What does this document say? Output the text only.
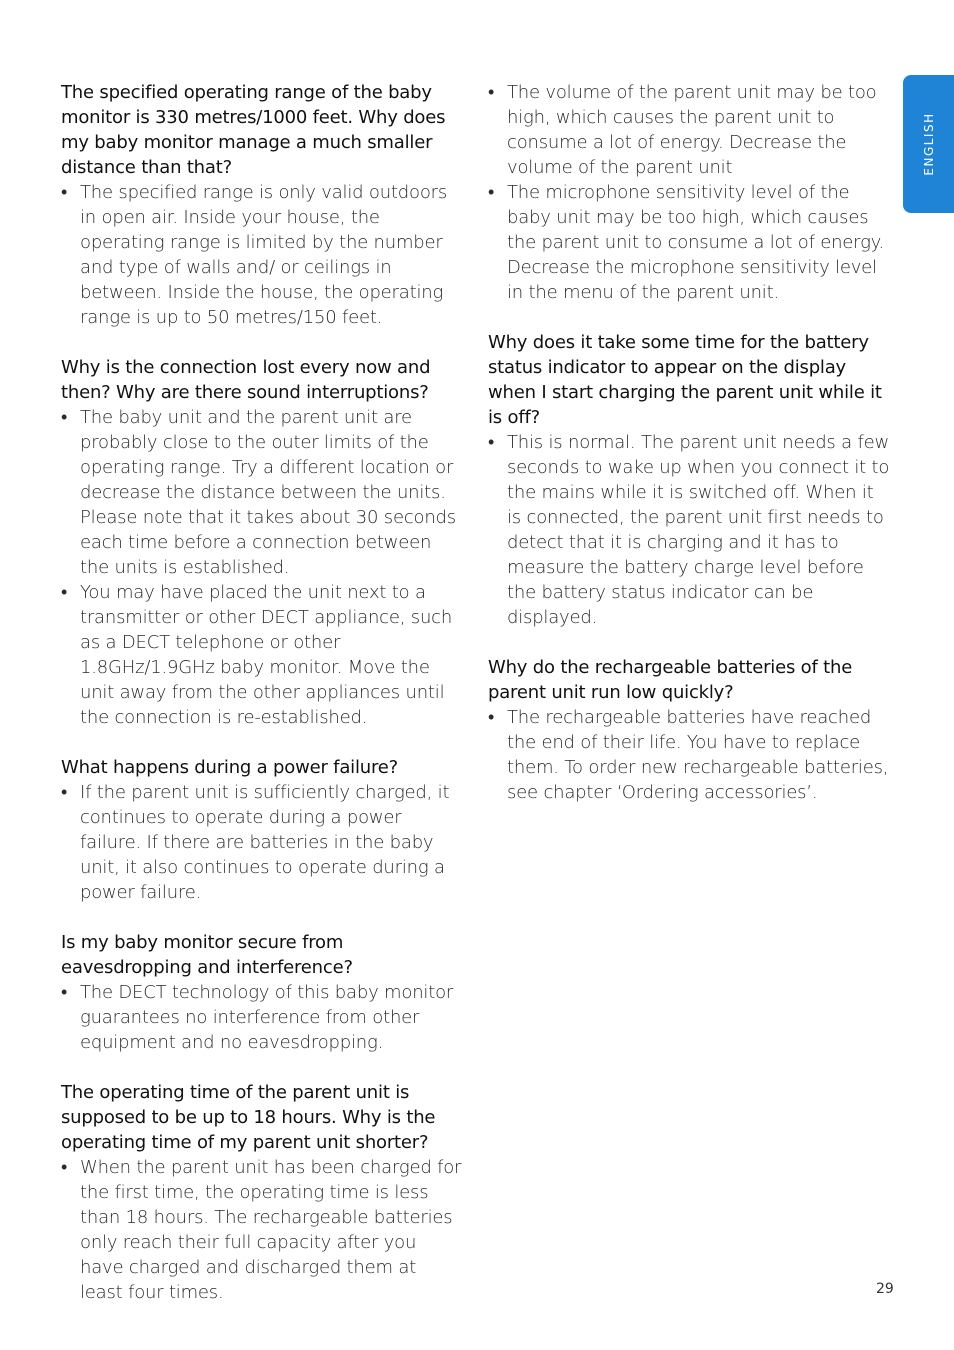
ENGLISH

The specified operating range of the baby monitor is 330 metres/1000 feet. Why does my baby monitor manage a much smaller distance than that?

• The specified range is only valid outdoors in open air. Inside your house, the operating range is limited by the number and type of walls and/ or ceilings in between. Inside the house, the operating range is up to 50 metres/150 feet.

Why is the connection lost every now and then? Why are there sound interruptions?

• The baby unit and the parent unit are probably close to the outer limits of the operating range. Try a different location or decrease the distance between the units. Please note that it takes about 30 seconds each time before a connection between the units is established.
• You may have placed the unit next to a transmitter or other DECT appliance, such as a DECT telephone or other 1.8GHz/1.9GHz baby monitor. Move the unit away from the other appliances until the connection is re-established.

What happens during a power failure?

• If the parent unit is sufficiently charged, it continues to operate during a power failure. If there are batteries in the baby unit, it also continues to operate during a power failure.

Is my baby monitor secure from eavesdropping and interference?

• The DECT technology of this baby monitor guarantees no interference from other equipment and no eavesdropping.

The operating time of the parent unit is supposed to be up to 18 hours. Why is the operating time of my parent unit shorter?

• When the parent unit has been charged for the first time, the operating time is less than 18 hours. The rechargeable batteries only reach their full capacity after you have charged and discharged them at least four times.
• The volume of the parent unit may be too high, which causes the parent unit to consume a lot of energy. Decrease the volume of the parent unit
• The microphone sensitivity level of the baby unit may be too high, which causes the parent unit to consume a lot of energy. Decrease the microphone sensitivity level in the menu of the parent unit.

Why does it take some time for the battery status indicator to appear on the display when I start charging the parent unit while it is off?

• This is normal. The parent unit needs a few seconds to wake up when you connect it to the mains while it is switched off. When it is connected, the parent unit first needs to detect that it is charging and it has to measure the battery charge level before the battery status indicator can be displayed.

Why do the rechargeable batteries of the parent unit run low quickly?

• The rechargeable batteries have reached the end of their life. You have to replace them. To order new rechargeable batteries, see chapter ‘Ordering accessories’.
29
